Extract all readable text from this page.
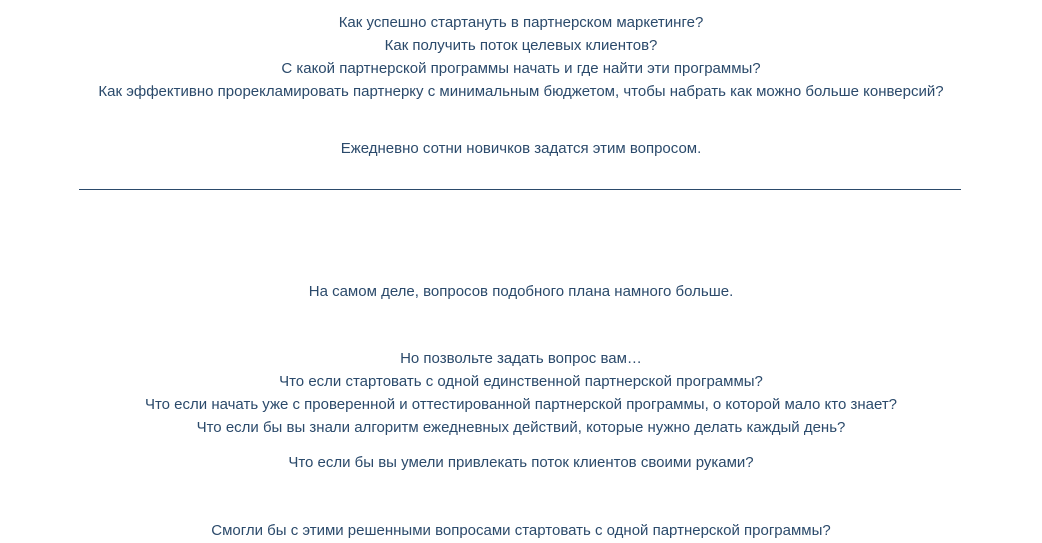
Как успешно стартануть в партнерском маркетинге?
Как получить поток целевых клиентов?
С какой партнерской программы начать и где найти эти программы?
Как эффективно прорекламировать партнерку с минимальным бюджетом, чтобы набрать как можно больше конверсий?
Ежедневно сотни новичков задатся этим вопросом.
На самом деле, вопросов подобного плана намного больше.
Но позвольте задать вопрос вам…
Что если стартовать с одной единственной партнерской программы?
Что если начать уже с проверенной и оттестированной партнерской программы, о которой мало кто знает?
Что если бы вы знали алгоритм ежедневных действий, которые нужно делать каждый день?
Что если бы вы умели привлекать поток клиентов своими руками?
Смогли бы с этими решенными вопросами стартовать с одной партнерской программы?
